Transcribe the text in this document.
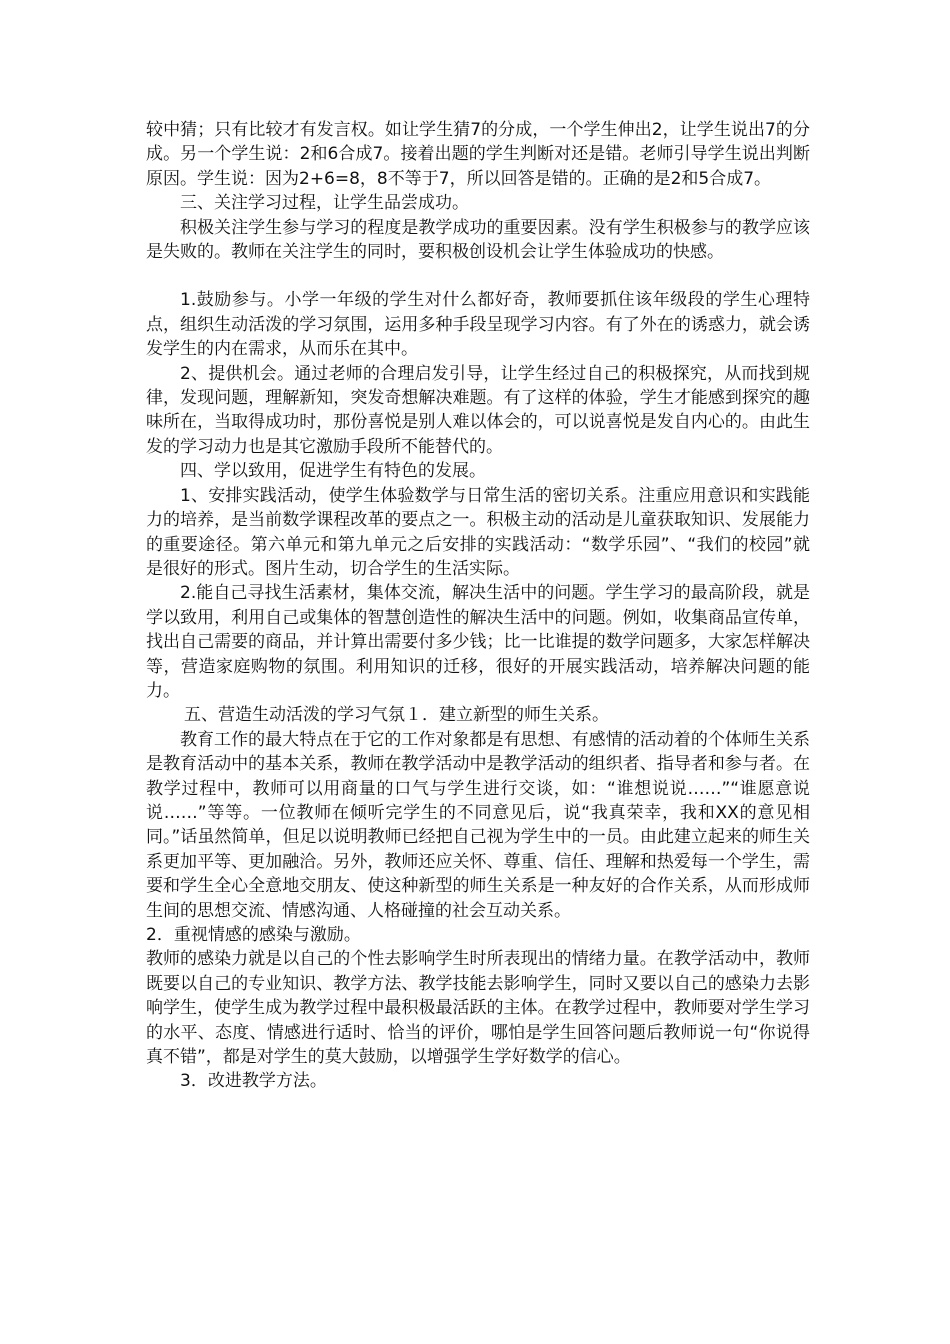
较中猜；只有比较才有发言权。如让学生猜7的分成，一个学生伸出2，让学生说出7的分成。另一个学生说：2和6合成7。接着出题的学生判断对还是错。老师引导学生说出判断原因。学生说：因为2+6=8，8不等于7，所以回答是错的。正确的是2和5合成7。

三、关注学习过程，让学生品尝成功。

积极关注学生参与学习的程度是教学成功的重要因素。没有学生积极参与的教学应该是失败的。教师在关注学生的同时，要积极创设机会让学生体验成功的快感。

1.鼓励参与。小学一年级的学生对什么都好奇，教师要抓住该年级段的学生心理特点，组织生动活泼的学习氛围，运用多种手段呈现学习内容。有了外在的诱惑力，就会诱发学生的内在需求，从而乐在其中。

2、提供机会。通过老师的合理启发引导，让学生经过自己的积极探究，从而找到规律，发现问题，理解新知，突发奇想解决难题。有了这样的体验，学生才能感到探究的趣味所在，当取得成功时，那份喜悦是别人难以体会的，可以说喜悦是发自内心的。由此生发的学习动力也是其它激励手段所不能替代的。

四、学以致用，促进学生有特色的发展。

1、安排实践活动，使学生体验数学与日常生活的密切关系。注重应用意识和实践能力的培养，是当前数学课程改革的要点之一。积极主动的活动是儿童获取知识、发展能力的重要途径。第六单元和第九单元之后安排的实践活动：“数学乐园”、“我们的校园”就是很好的形式。图片生动，切合学生的生活实际。

2.能自己寻找生活素材，集体交流，解决生活中的问题。学生学习的最高阶段，就是学以致用，利用自己或集体的智慧创造性的解决生活中的问题。例如，收集商品宣传单，找出自己需要的商品，并计算出需要付多少钱；比一比谁提的数学问题多，大家怎样解决等，营造家庭购物的氛围。利用知识的迁移，很好的开展实践活动，培养解决问题的能力。

五、营造生动活泼的学习气氛１．建立新型的师生关系。

教育工作的最大特点在于它的工作对象都是有思想、有感情的活动着的个体师生关系是教育活动中的基本关系，教师在教学活动中是教学活动的组织者、指导者和参与者。在教学过程中，教师可以用商量的口气与学生进行交谈，如：“谁想说说……”“谁愿意说说……”等等。一位教师在倾听完学生的不同意见后，说“我真荣幸，我和XX的意见相同。”话虽然简单，但足以说明教师已经把自己视为学生中的一员。由此建立起来的师生关系更加平等、更加融洽。另外，教师还应关怀、尊重、信任、理解和热爱每一个学生，需要和学生全心全意地交朋友、使这种新型的师生关系是一种友好的合作关系，从而形成师生间的思想交流、情感沟通、人格碰撞的社会互动关系。

2．重视情感的感染与激励。

教师的感染力就是以自己的个性去影响学生时所表现出的情绪力量。在教学活动中，教师既要以自己的专业知识、教学方法、教学技能去影响学生，同时又要以自己的感染力去影响学生，使学生成为教学过程中最积极最活跃的主体。在教学过程中，教师要对学生学习的水平、态度、情感进行适时、恰当的评价，哪怕是学生回答问题后教师说一句“你说得真不错”，都是对学生的莫大鼓励，以增强学生学好数学的信心。

3．改进教学方法。
